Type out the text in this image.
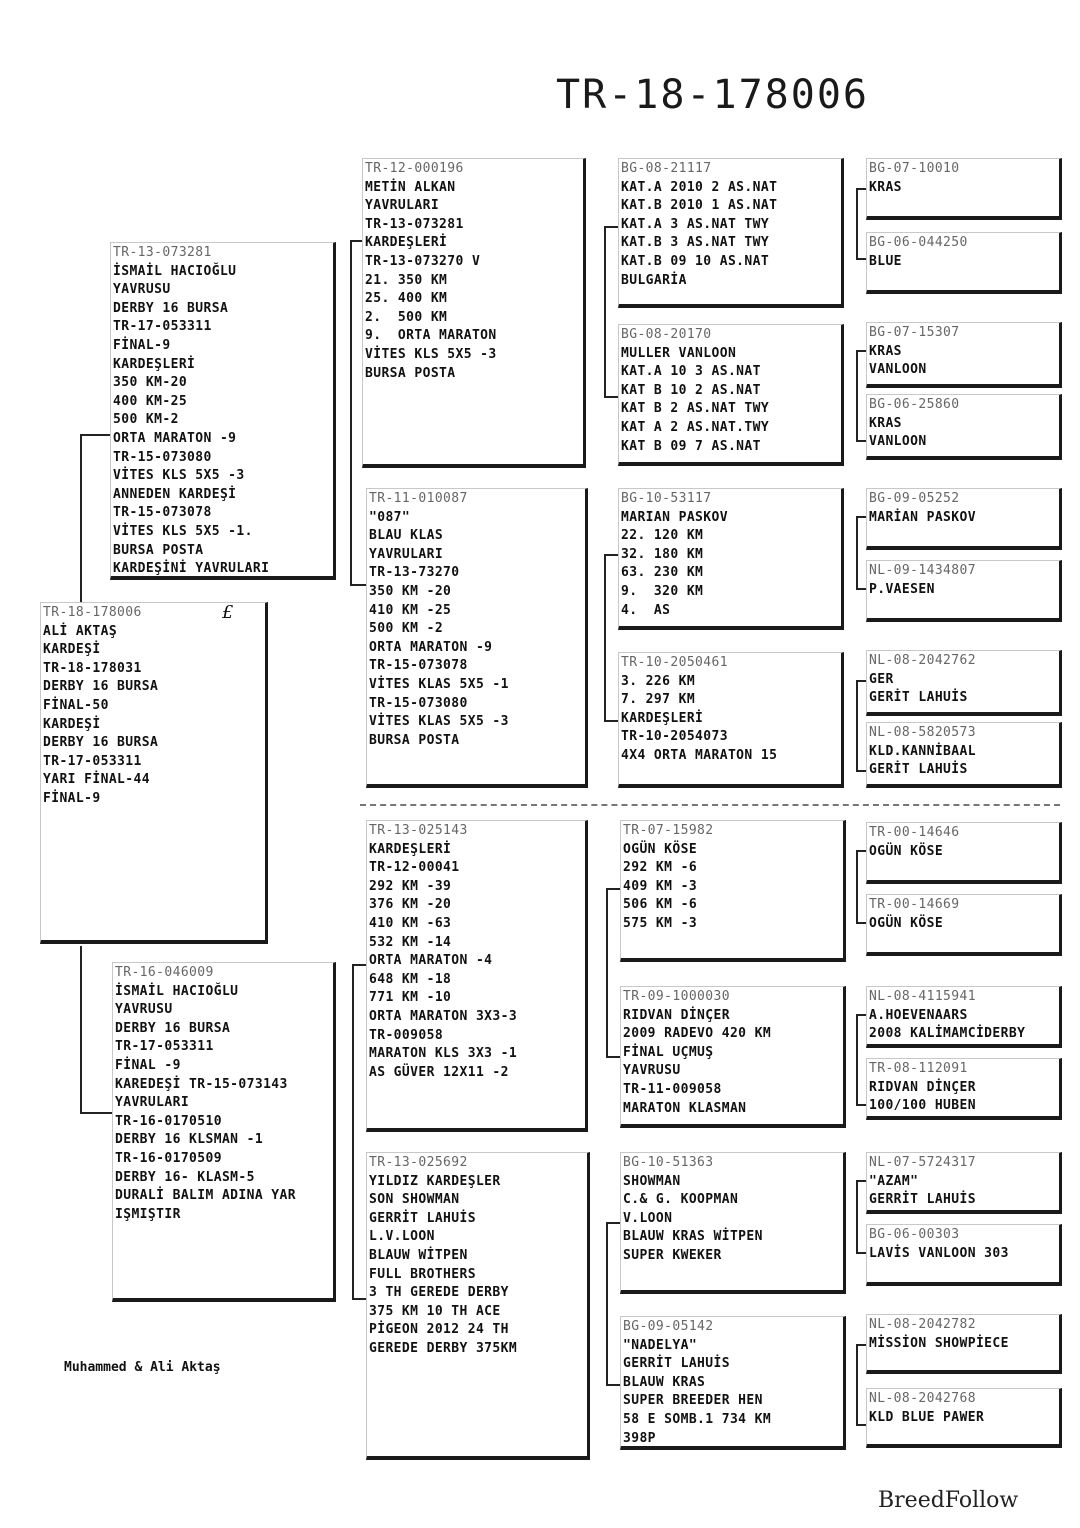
TR-18-178006
TR-18-178006
ALİ AKTAŞ
KARDEŞİ
TR-18-178031
DERBY 16 BURSA
FİNAL-50
KARDEŞİ
DERBY 16 BURSA
TR-17-053311
YARI FİNAL-44
FİNAL-9
TR-13-073281
İSMAİL HACIOĞLU
YAVRUSU
DERBY 16 BURSA
TR-17-053311
FİNAL-9
KARDEŞLERİ
350 KM-20
400 KM-25
500 KM-2
ORTA MARATON -9
TR-15-073080
VİTES KLS 5X5 -3
ANNEDEN KARDEŞİ
TR-15-073078
VİTES KLS 5X5 -1.
BURSA POSTA
KARDEŞİNİ YAVRULARI
TR-16-046009
İSMAİL HACIOĞLU
YAVRUSU
DERBY 16 BURSA
TR-17-053311
FİNAL -9
KAREDEŞİ TR-15-073143
YAVRULARI
TR-16-0170510
DERBY 16 KLSMAN -1
TR-16-0170509
DERBY 16- KLASM-5
DURALİ BALIM ADINA YAR
IŞMIŞTIR
TR-12-000196
METİN ALKAN
YAVRULARI
TR-13-073281
KARDEŞLERİ
TR-13-073270 V
21. 350 KM
25. 400 KM
2.  500 KM
9.  ORTA MARATON
VİTES KLS 5X5 -3
BURSA POSTA
TR-11-010087
"087"
BLAU KLAS
YAVRULARI
TR-13-73270
350 KM -20
410 KM -25
500 KM -2
ORTA MARATON -9
TR-15-073078
VİTES KLAS 5X5 -1
TR-15-073080
VİTES KLAS 5X5 -3
BURSA POSTA
TR-13-025143
KARDEŞLERİ
TR-12-00041
292 KM -39
376 KM -20
410 KM -63
532 KM -14
ORTA MARATON -4
648 KM -18
771 KM -10
ORTA MARATON 3X3-3
TR-009058
MARATON KLS 3X3 -1
AS GÜVER 12X11 -2
TR-13-025692
YILDIZ KARDEŞLER
SON SHOWMAN
GERRİT LAHUİS
L.V.LOON
BLAUW WİTPEN
FULL BROTHERS
3 TH GEREDE DERBY
375 KM 10 TH ACE
PİGEON 2012 24 TH
GEREDE DERBY 375KM
BG-08-21117
KAT.A 2010 2 AS.NAT
KAT.B 2010 1 AS.NAT
KAT.A 3 AS.NAT TWY
KAT.B 3 AS.NAT TWY
KAT.B 09 10 AS.NAT
BULGARİA
BG-08-20170
MULLER VANLOON
KAT.A 10 3 AS.NAT
KAT B 10 2 AS.NAT
KAT B 2 AS.NAT TWY
KAT A 2 AS.NAT.TWY
KAT B 09 7 AS.NAT
BG-10-53117
MARIAN PASKOV
22. 120 KM
32. 180 KM
63. 230 KM
9.  320 KM
4.  AS
TR-10-2050461
3. 226 KM
7. 297 KM
KARDEŞLERİ
TR-10-2054073
4X4 ORTA MARATON 15
TR-07-15982
OGÜN KÖSE
292 KM -6
409 KM -3
506 KM -6
575 KM -3
TR-09-1000030
RIDVAN DİNÇER
2009 RADEVO 420 KM
FİNAL UÇMUŞ
YAVRUSU
TR-11-009058
MARATON KLASMAN
BG-10-51363
SHOWMAN
C.& G. KOOPMAN
V.LOON
BLAUW KRAS WİTPEN
SUPER KWEKER
BG-09-05142
"NADELYA"
GERRİT LAHUİS
BLAUW KRAS
SUPER BREEDER HEN
58 E SOMB.1 734 KM
398P
BG-07-10010
KRAS
BG-06-044250
BLUE
BG-07-15307
KRAS
VANLOON
BG-06-25860
KRAS
VANLOON
BG-09-05252
MARİAN PASKOV
NL-09-1434807
P.VAESEN
NL-08-2042762
GER
GERİT LAHUİS
NL-08-5820573
KLD.KANNİBAAL
GERİT LAHUİS
TR-00-14646
OGÜN KÖSE
TR-00-14669
OGÜN KÖSE
NL-08-4115941
A.HOEVENAARS
2008 KALİMAMCİDERBY
TR-08-112091
RIDVAN DİNÇER
100/100 HUBEN
NL-07-5724317
"AZAM"
GERRİT LAHUİS
BG-06-00303
LAVİS VANLOON 303
NL-08-2042782
MİSSİON SHOWPİECE
NL-08-2042768
KLD BLUE PAWER
£
Muhammed & Ali Aktaş
BreedFollow
